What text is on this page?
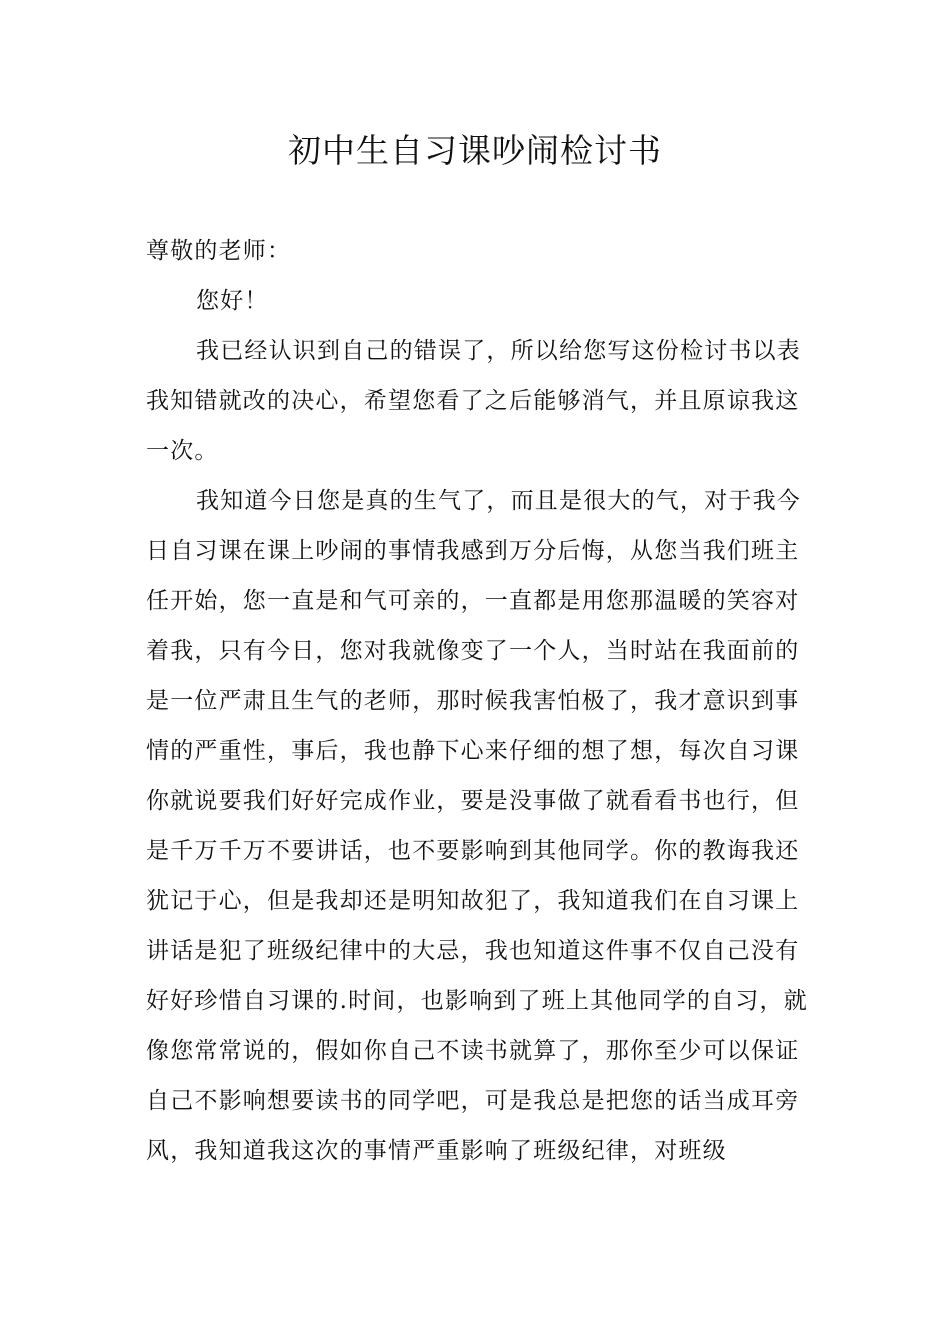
初中生自习课吵闹检讨书

尊敬的老师：

您好！

我已经认识到自己的错误了，所以给您写这份检讨书以表我知错就改的决心，希望您看了之后能够消气，并且原谅我这一次。

我知道今日您是真的生气了，而且是很大的气，对于我今日自习课在课上吵闹的事情我感到万分后悔，从您当我们班主任开始，您一直是和气可亲的，一直都是用您那温暖的笑容对着我，只有今日，您对我就像变了一个人，当时站在我面前的是一位严肃且生气的老师，那时候我害怕极了，我才意识到事情的严重性，事后，我也静下心来仔细的想了想，每次自习课你就说要我们好好完成作业，要是没事做了就看看书也行，但是千万千万不要讲话，也不要影响到其他同学。你的教诲我还犹记于心，但是我却还是明知故犯了，我知道我们在自习课上讲话是犯了班级纪律中的大忌，我也知道这件事不仅自己没有好好珍惜自习课的.时间，也影响到了班上其他同学的自习，就像您常常说的，假如你自己不读书就算了，那你至少可以保证自己不影响想要读书的同学吧，可是我总是把您的话当成耳旁风，我知道我这次的事情严重影响了班级纪律，对班级
